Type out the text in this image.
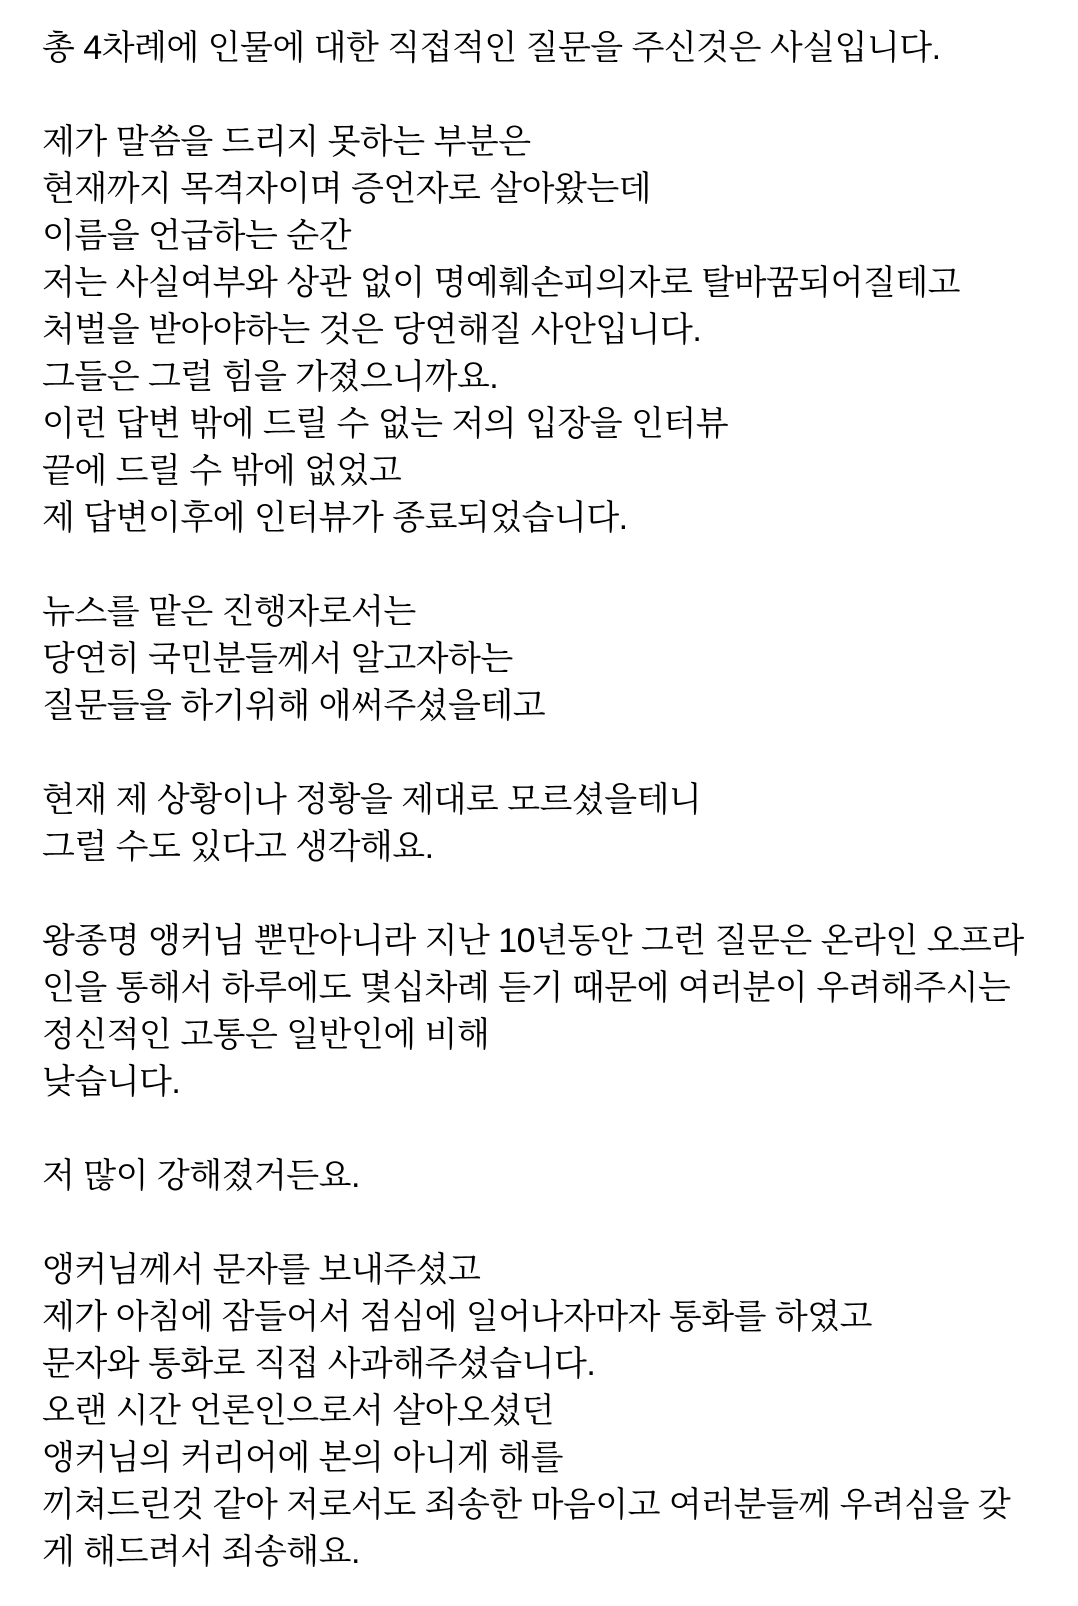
총 4차례에 인물에 대한 직접적인 질문을 주신것은 사실입니다.
제가 말씀을 드리지 못하는 부분은
현재까지 목격자이며 증언자로 살아왔는데
이름을 언급하는 순간
저는 사실여부와 상관 없이 명예훼손피의자로 탈바꿈되어질테고
처벌을 받아야하는 것은 당연해질 사안입니다.
그들은 그럴 힘을 가졌으니까요.
이런 답변 밖에 드릴 수 없는 저의 입장을 인터뷰
끝에 드릴 수 밖에 없었고
제 답변이후에 인터뷰가 종료되었습니다.
뉴스를 맡은 진행자로서는
당연히 국민분들께서 알고자하는
질문들을 하기위해 애써주셨을테고
현재 제 상황이나 정황을 제대로 모르셨을테니
그럴 수도 있다고 생각해요.
왕종명 앵커님 뿐만아니라 지난 10년동안 그런 질문은 온라인 오프라
인을 통해서 하루에도 몇십차례 듣기 때문에 여러분이 우려해주시는
정신적인 고통은 일반인에 비해
낮습니다.
저 많이 강해졌거든요.
앵커님께서 문자를 보내주셨고
제가 아침에 잠들어서 점심에 일어나자마자 통화를 하였고
문자와 통화로 직접 사과해주셨습니다.
오랜 시간 언론인으로서 살아오셨던
앵커님의 커리어에 본의 아니게 해를
끼쳐드린것 같아 저로서도 죄송한 마음이고 여러분들께 우려심을 갖
게 해드려서 죄송해요.
